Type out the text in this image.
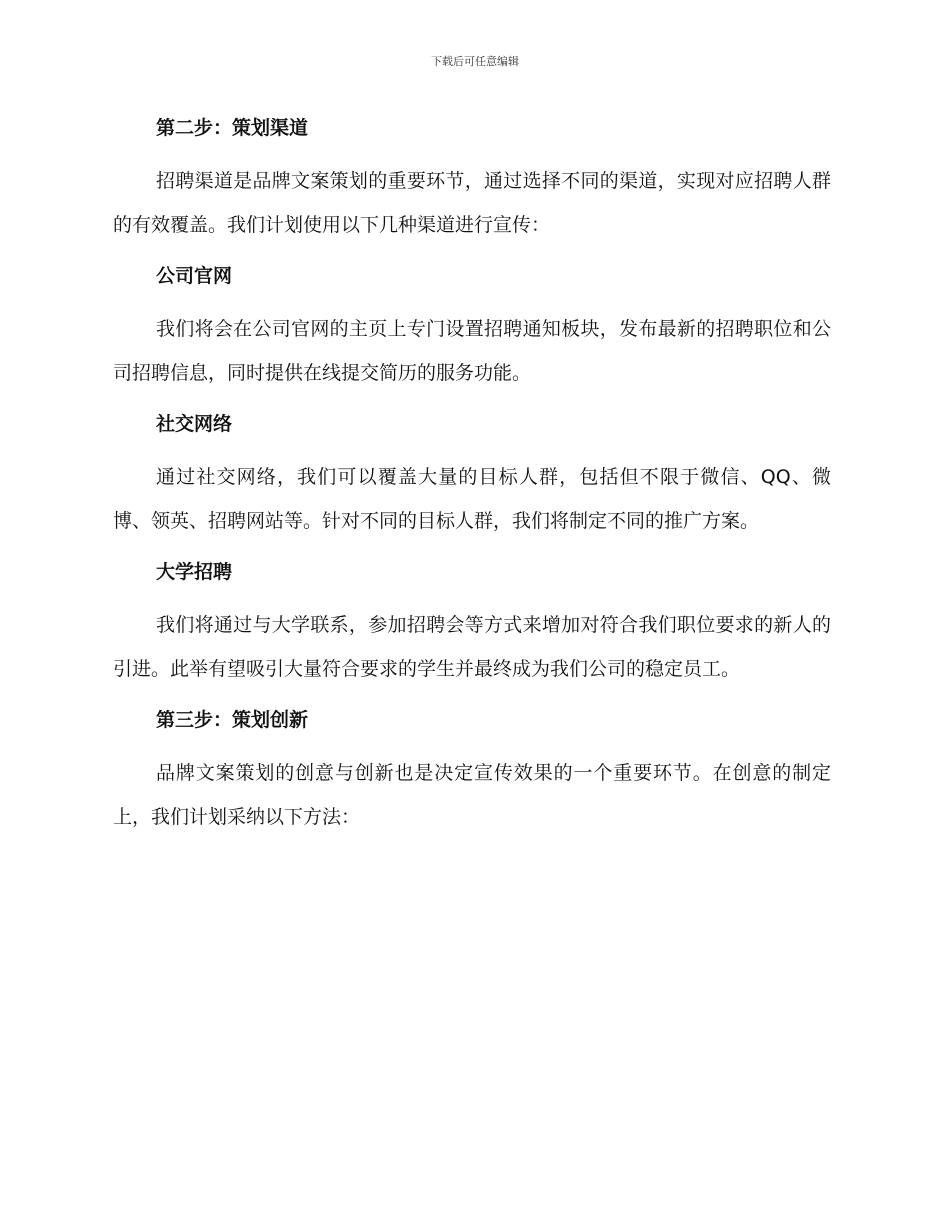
下载后可任意编辑
第二步：策划渠道
招聘渠道是品牌文案策划的重要环节，通过选择不同的渠道，实现对应招聘人群的有效覆盖。我们计划使用以下几种渠道进行宣传：
公司官网
我们将会在公司官网的主页上专门设置招聘通知板块，发布最新的招聘职位和公司招聘信息，同时提供在线提交简历的服务功能。
社交网络
通过社交网络，我们可以覆盖大量的目标人群，包括但不限于微信、QQ、微博、领英、招聘网站等。针对不同的目标人群，我们将制定不同的推广方案。
大学招聘
我们将通过与大学联系，参加招聘会等方式来增加对符合我们职位要求的新人的引进。此举有望吸引大量符合要求的学生并最终成为我们公司的稳定员工。
第三步：策划创新
品牌文案策划的创意与创新也是决定宣传效果的一个重要环节。在创意的制定上，我们计划采纳以下方法：
